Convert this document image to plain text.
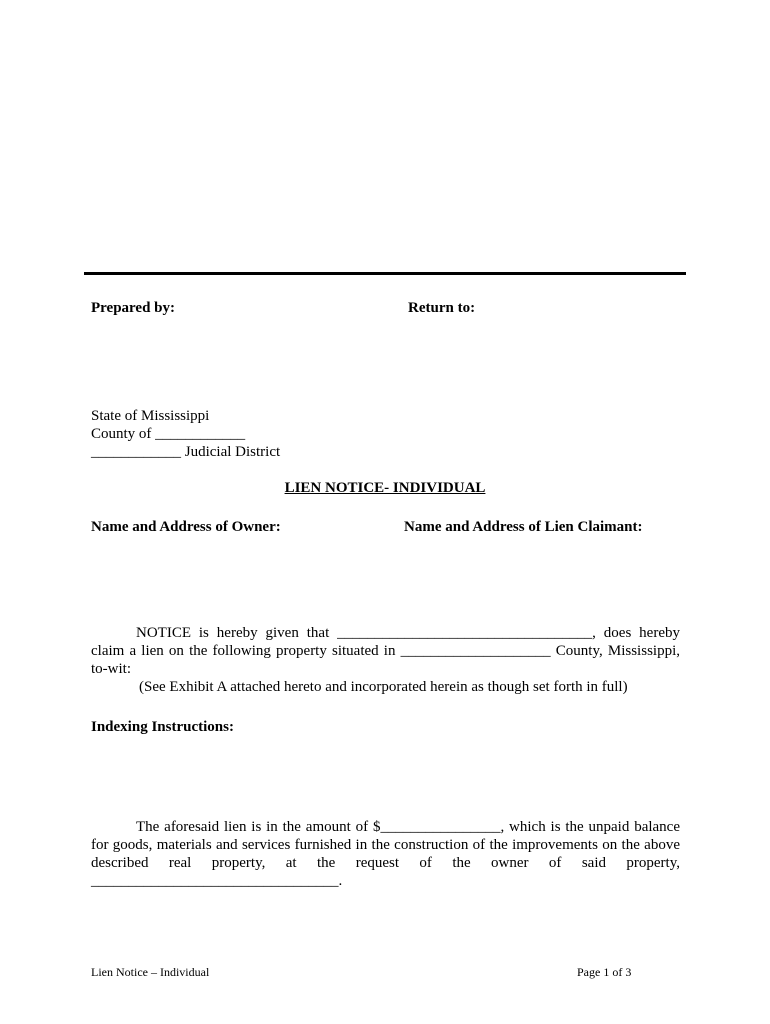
Prepared by:	Return to:
State of Mississippi
County of ____________
____________ Judicial District
LIEN NOTICE- INDIVIDUAL
Name and Address of Owner:	Name and Address of Lien Claimant:
NOTICE is hereby given that __________________________________, does hereby
claim a lien on the following property situated in ____________________ County, Mississippi,
to-wit:
(See Exhibit A attached hereto and incorporated herein as though set forth in full)
Indexing Instructions:
The aforesaid lien is in the amount of $________________, which is the unpaid balance
for goods, materials and services furnished in the construction of the improvements on the above
described real property, at the request of the owner of said property,
_________________________________.
Lien Notice – Individual	Page 1 of 3
